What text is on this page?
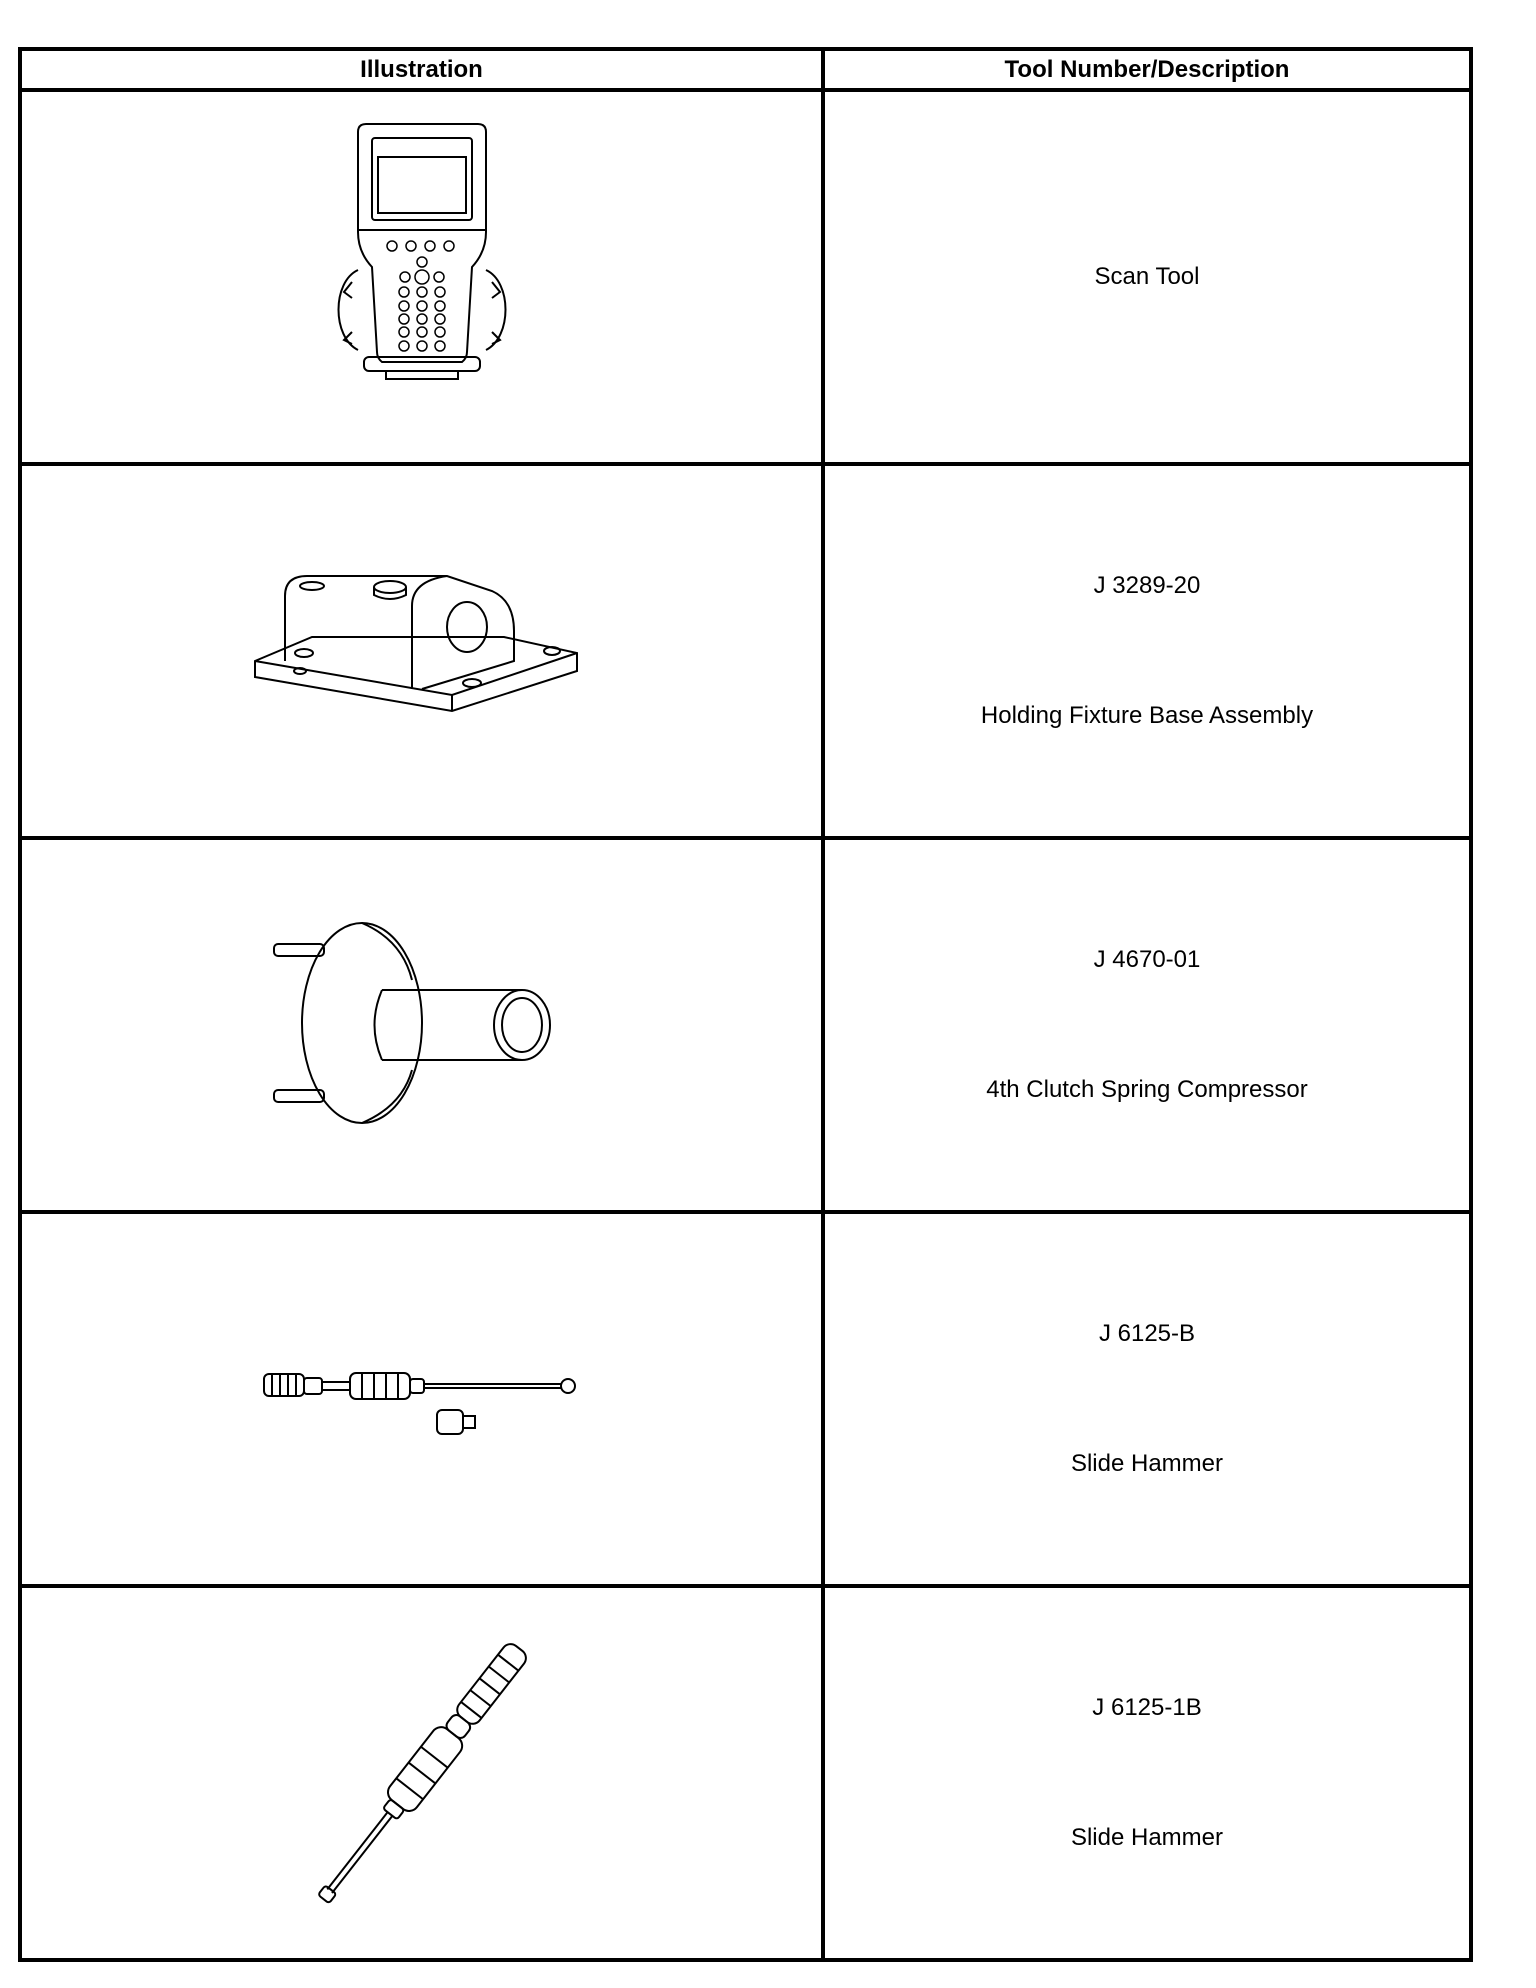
Illustration	Tool Number/Description

Scan Tool

J 3289-20
Holding Fixture Base Assembly

J 4670-01
4th Clutch Spring Compressor

J 6125-B
Slide Hammer

J 6125-1B
Slide Hammer
